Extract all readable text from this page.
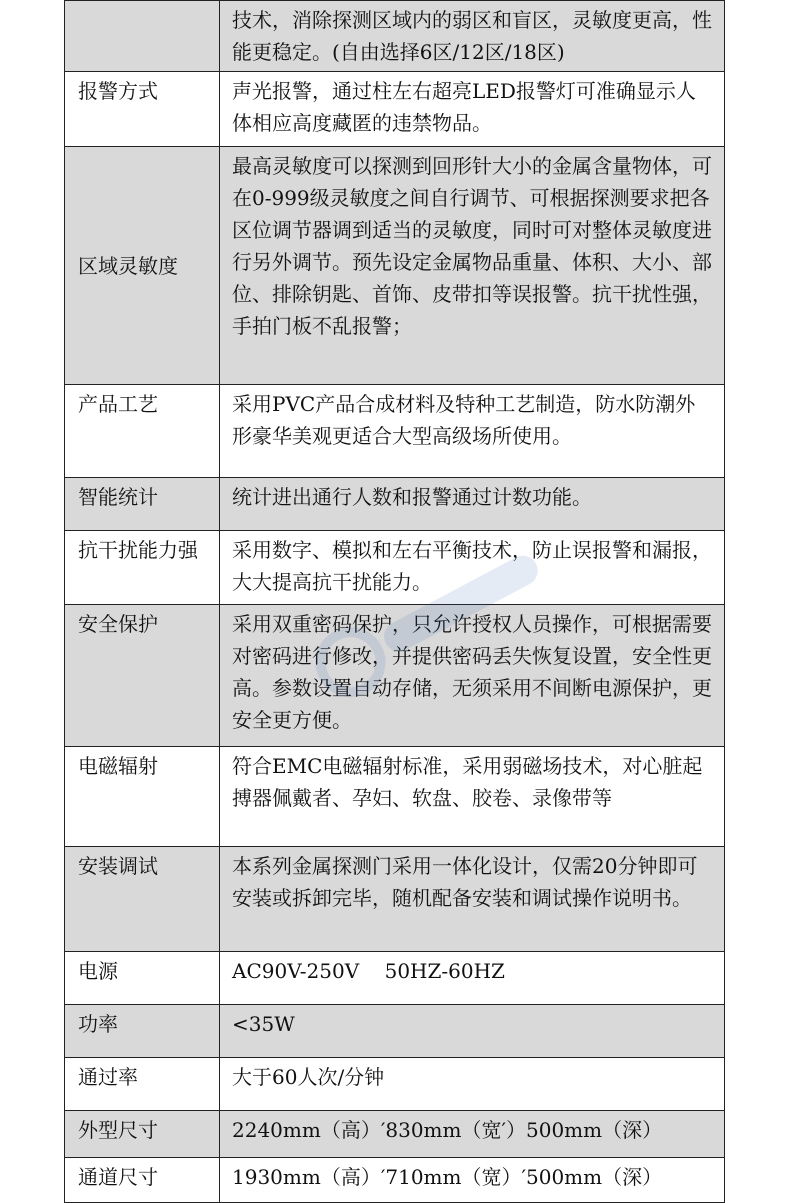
	技术，消除探测区域内的弱区和盲区，灵敏度更高，性能更稳定。(自由选择6区/12区/18区)
报警方式	声光报警，通过柱左右超亮LED报警灯可准确显示人体相应高度藏匿的违禁物品。
区域灵敏度	最高灵敏度可以探测到回形针大小的金属含量物体，可在0-999级灵敏度之间自行调节、可根据探测要求把各区位调节器调到适当的灵敏度，同时可对整体灵敏度进行另外调节。预先设定金属物品重量、体积、大小、部位、排除钥匙、首饰、皮带扣等误报警。抗干扰性强，手拍门板不乱报警；
产品工艺	采用PVC产品合成材料及特种工艺制造，防水防潮外形豪华美观更适合大型高级场所使用。
智能统计	统计进出通行人数和报警通过计数功能。
抗干扰能力强	采用数字、模拟和左右平衡技术，防止误报警和漏报，大大提高抗干扰能力。
安全保护	采用双重密码保护，只允许授权人员操作，可根据需要对密码进行修改，并提供密码丢失恢复设置，安全性更高。参数设置自动存储，无须采用不间断电源保护，更安全更方便。
电磁辐射	符合EMC电磁辐射标准，采用弱磁场技术，对心脏起搏器佩戴者、孕妇、软盘、胶卷、录像带等
安装调试	本系列金属探测门采用一体化设计，仅需20分钟即可安装或拆卸完毕，随机配备安装和调试操作说明书。
电源	AC90V-250V    50HZ-60HZ
功率	<35W
通过率	大于60人次/分钟
外型尺寸	2240mm（高）′830mm（宽′）500mm（深）
通道尺寸	1930mm（高）′710mm（宽）′500mm（深）
